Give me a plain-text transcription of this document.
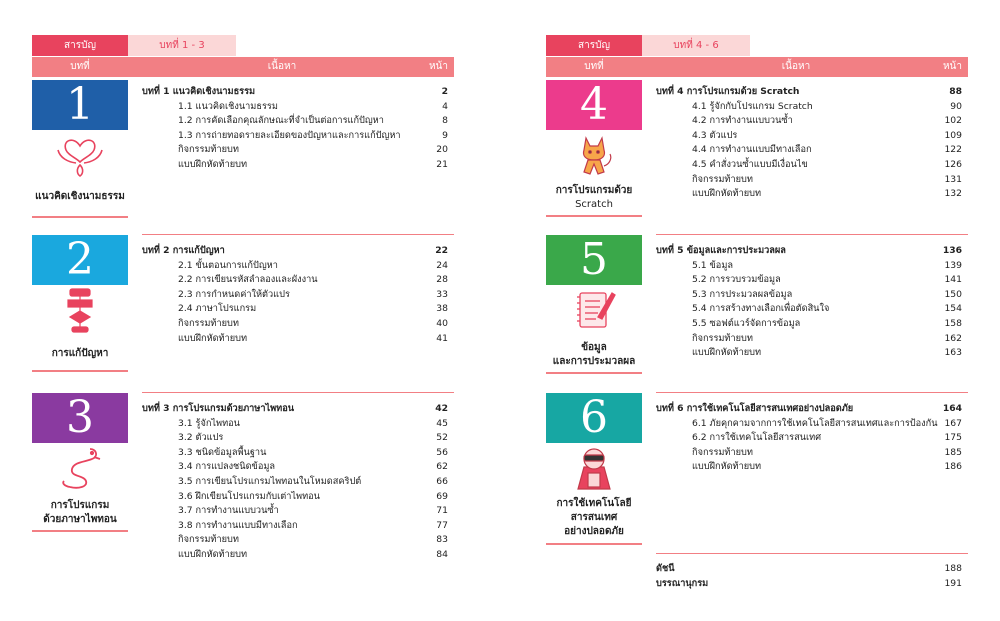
สารบัญ	บทที่ 1 - 3
บทที่	เนื้อหา	หน้า
1
แนวคิดเชิงนามธรรม
บทที่ 1 แนวคิดเชิงนามธรรม	2
1.1 แนวคิดเชิงนามธรรม	4
1.2 การคัดเลือกคุณลักษณะที่จำเป็นต่อการแก้ปัญหา	8
1.3 การถ่ายทอดรายละเอียดของปัญหาและการแก้ปัญหา	9
กิจกรรมท้ายบท	20
แบบฝึกหัดท้ายบท	21
2
การแก้ปัญหา
บทที่ 2 การแก้ปัญหา	22
2.1 ขั้นตอนการแก้ปัญหา	24
2.2 การเขียนรหัสลำลองและผังงาน	28
2.3 การกำหนดค่าให้ตัวแปร	33
2.4 ภาษาโปรแกรม	38
กิจกรรมท้ายบท	40
แบบฝึกหัดท้ายบท	41
3
การโปรแกรม
ด้วยภาษาไพทอน
บทที่ 3 การโปรแกรมด้วยภาษาไพทอน	42
3.1 รู้จักไพทอน	45
3.2 ตัวแปร	52
3.3 ชนิดข้อมูลพื้นฐาน	56
3.4 การแปลงชนิดข้อมูล	62
3.5 การเขียนโปรแกรมไพทอนในโหมดสคริปต์	66
3.6 ฝึกเขียนโปรแกรมกับเต่าไพทอน	69
3.7 การทำงานแบบวนซ้ำ	71
3.8 การทำงานแบบมีทางเลือก	77
กิจกรรมท้ายบท	83
แบบฝึกหัดท้ายบท	84
สารบัญ	บทที่ 4 - 6
บทที่	เนื้อหา	หน้า
4
การโปรแกรมด้วย
Scratch
บทที่ 4 การโปรแกรมด้วย Scratch	88
4.1 รู้จักกับโปรแกรม Scratch	90
4.2 การทำงานแบบวนซ้ำ	102
4.3 ตัวแปร	109
4.4 การทำงานแบบมีทางเลือก	122
4.5 คำสั่งวนซ้ำแบบมีเงื่อนไข	126
กิจกรรมท้ายบท	131
แบบฝึกหัดท้ายบท	132
5
ข้อมูล
และการประมวลผล
บทที่ 5 ข้อมูลและการประมวลผล	136
5.1 ข้อมูล	139
5.2 การรวบรวมข้อมูล	141
5.3 การประมวลผลข้อมูล	150
5.4 การสร้างทางเลือกเพื่อตัดสินใจ	154
5.5 ซอฟต์แวร์จัดการข้อมูล	158
กิจกรรมท้ายบท	162
แบบฝึกหัดท้ายบท	163
6
การใช้เทคโนโลยี
สารสนเทศ
อย่างปลอดภัย
บทที่ 6 การใช้เทคโนโลยีสารสนเทศอย่างปลอดภัย	164
6.1 ภัยคุกคามจากการใช้เทคโนโลยีสารสนเทศและการป้องกัน 167
6.2 การใช้เทคโนโลยีสารสนเทศ	175
กิจกรรมท้ายบท	185
แบบฝึกหัดท้ายบท	186
ดัชนี	188
บรรณานุกรม	191
